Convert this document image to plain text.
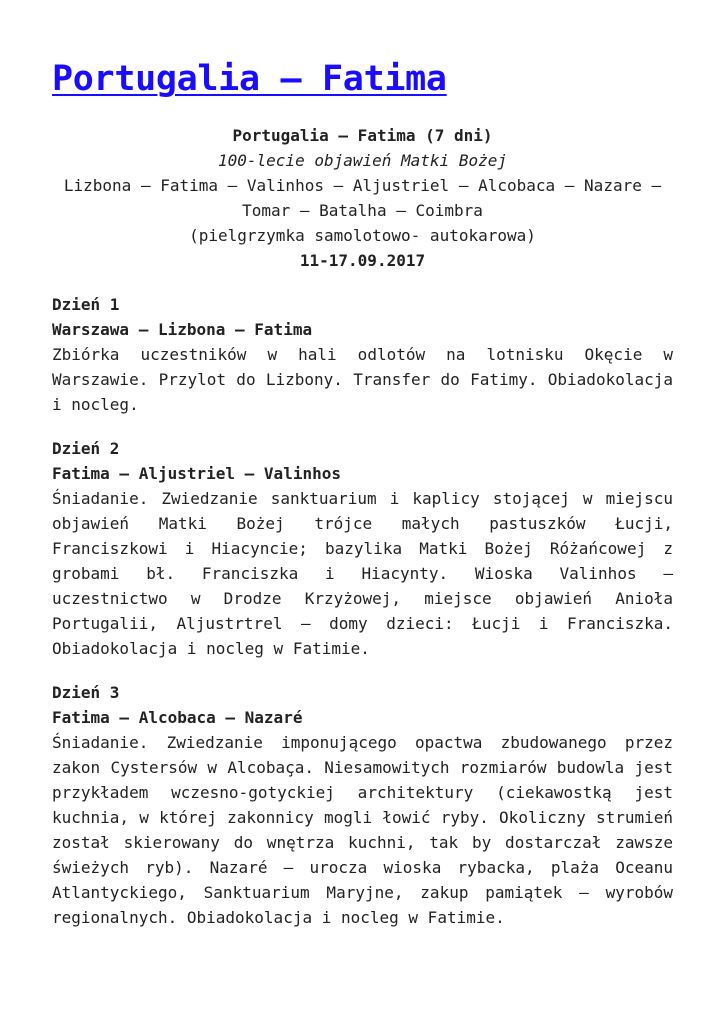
Portugalia – Fatima
Portugalia – Fatima (7 dni)
100-lecie objawień Matki Bożej
Lizbona – Fatima – Valinhos – Aljustriel – Alcobaca – Nazare –
Tomar – Batalha – Coimbra
(pielgrzymka samolotowo- autokarowa)
11-17.09.2017

Dzień 1

Warszawa – Lizbona – Fatima

Zbiórka uczestników w hali odlotów na lotnisku Okęcie w Warszawie. Przylot do Lizbony. Transfer do Fatimy. Obiadokolacja i nocleg.

Dzień 2

Fatima – Aljustriel – Valinhos

Śniadanie. Zwiedzanie sanktuarium i kaplicy stojącej w miejscu objawień Matki Bożej trójce małych pastuszków Łucji, Franciszkowi i Hiacyncie; bazylika Matki Bożej Różańcowej z grobami bł. Franciszka i Hiacynty. Wioska Valinhos – uczestnictwo w Drodze Krzyżowej, miejsce objawień Anioła Portugalii, Aljustrtrel – domy dzieci: Łucji i Franciszka. Obiadokolacja i nocleg w Fatimie.

Dzień 3

Fatima – Alcobaca – Nazaré

Śniadanie. Zwiedzanie imponującego opactwa zbudowanego przez zakon Cystersów w Alcobaça. Niesamowitych rozmiarów budowla jest przykładem wczesno-gotyckiej architektury (ciekawostką jest kuchnia, w której zakonnicy mogli łowić ryby. Okoliczny strumień został skierowany do wnętrza kuchni, tak by dostarczał zawsze świeżych ryb). Nazaré – urocza wioska rybacka, plaża Oceanu Atlantyckiego, Sanktuarium Maryjne, zakup pamiątek – wyrobów regionalnych. Obiadokolacja i nocleg w Fatimie.
